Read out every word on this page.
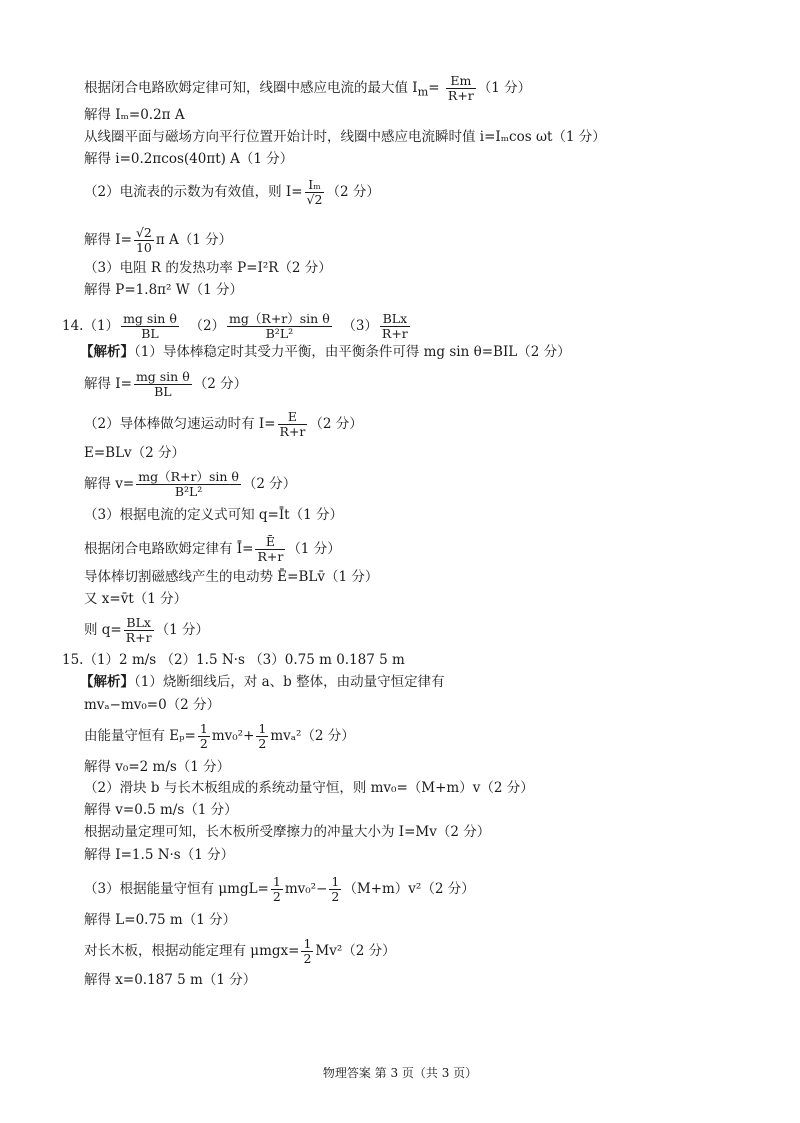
根据闭合电路欧姆定律可知，线圈中感应电流的最大值 $I_m= \frac{Em}{R+r} (1$ 分）
解得 Iₘ=0.2π A
从线圈平面与磁场方向平行位置开始计时，线圈中感应电流瞬时值 i=Iₘcos ωt（1 分）
解得 i=0.2πcos(40πt) A（1 分）
（2）电流表的示数为有效值，则 $I= \frac{\text{Iₘ}}{√2} (2$ 分）
解得 $I= \frac{√2}{10}$ π A（1 分）
（3）电阻 R 的发热功率 P=I²R（2 分）
解得 P=1.8π² W（1 分）
$14.(1) \frac{\text{mg sin θ}}{BL} (2) \frac{\text{mg（R+r）sin θ}}{\text{B²L²}} (3) \frac{\text{BLx}}{R+r}$
【解析】（1）导体棒稳定时其受力平衡，由平衡条件可得 mg sin θ=BIL（2 分）
解得 $I= \frac{\text{mg sin θ}}{BL} (2$ 分）
（2）导体棒做匀速运动时有 $I= \frac{E}{R+r} (2$ 分）
E=BLv（2 分）
解得 $v= \frac{\text{mg（R+r）sin θ}}{\text{B²L²}} (2$ 分）
（3）根据电流的定义式可知 q=Īt（1 分）
根据闭合电路欧姆定律有 Ī= $\frac{Ē}{R+r} (1$ 分）
导体棒切割磁感线产生的电动势 Ē=BLv̄（1 分）
又 x=v̄t（1 分）
则 $q= \frac{\text{BLx}}{R+r} (1$ 分）
15.（1）2 m/s （2）1.5 N·s （3）0.75 m 0.187 5 m
【解析】（1）烧断细线后，对 a、b 整体，由动量守恒定律有
mvₐ−mv₀=0（2 分）
由能量守恒有 $E_p= \frac{1}{2} mv_0^2+ \frac{1}{2} mv_a^2(2$ 分）
解得 v₀=2 m/s（1 分）
（2）滑块 b 与长木板组成的系统动量守恒，则 mv₀=（M+m）v（2 分）
解得 v=0.5 m/s（1 分）
根据动量定理可知，长木板所受摩擦力的冲量大小为 I=Mv（2 分）
解得 I=1.5 N·s（1 分）
（3）根据能量守恒有 $\mu mgL= \frac{1}{2} mv_0^2- \frac{1}{2} (M+m)v^2(2$ 分）
解得 L=0.75 m（1 分）
对长木板，根据动能定理有 $\mu mgx= \frac{1}{2} Mv^2(2$ 分）
解得 x=0.187 5 m（1 分）
物理答案 第 3 页（共 3 页）
